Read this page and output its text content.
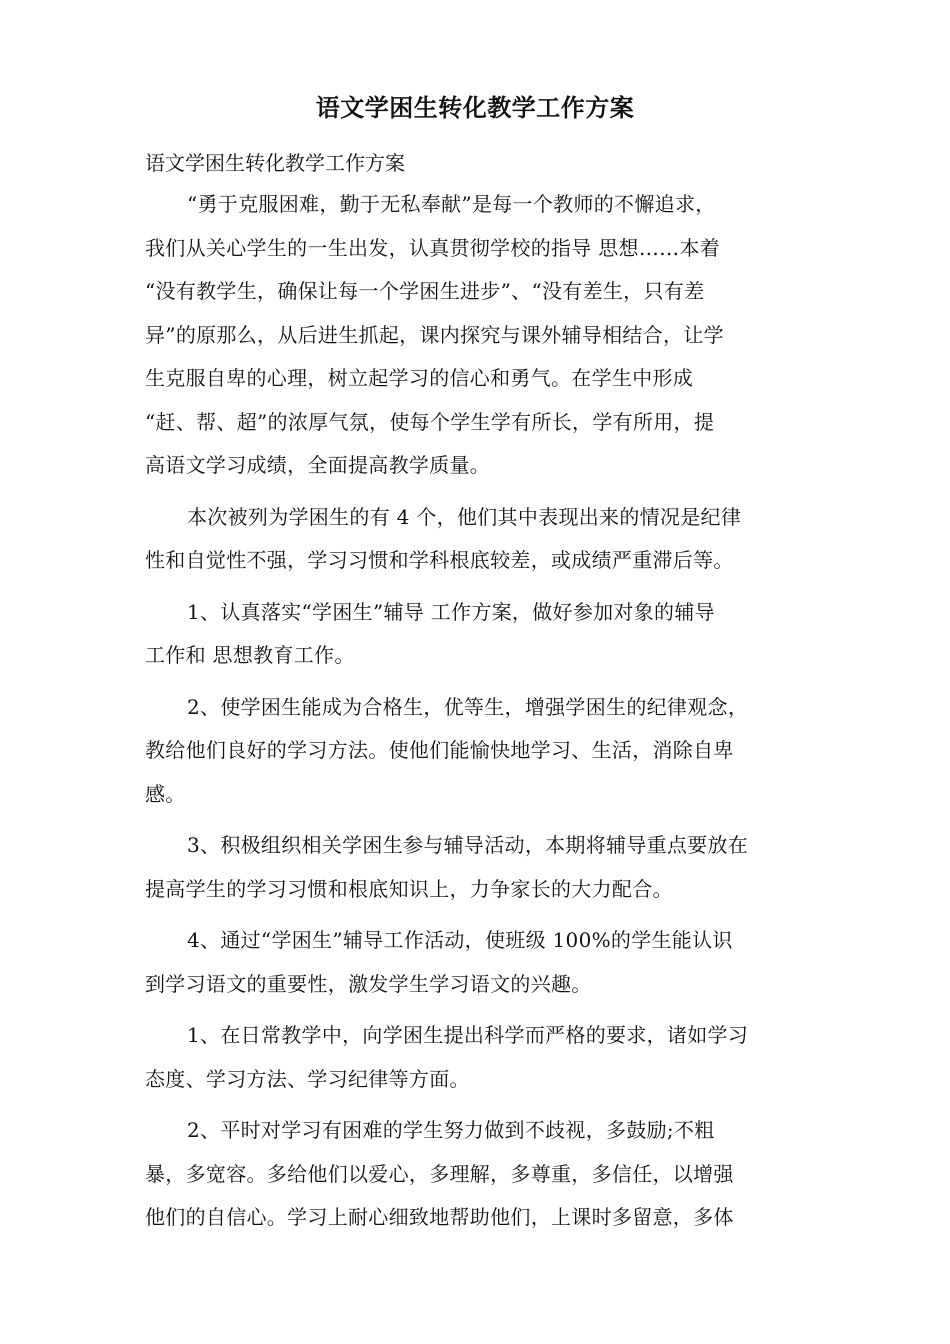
语文学困生转化教学工作方案
语文学困生转化教学工作方案
“勇于克服困难，勤于无私奉献”是每一个教师的不懈追求，
我们从关心学生的一生出发，认真贯彻学校的指导 思想……本着
“没有教学生，确保让每一个学困生进步”、“没有差生，只有差
异”的原那么，从后进生抓起，课内探究与课外辅导相结合，让学
生克服自卑的心理，树立起学习的信心和勇气。在学生中形成
“赶、帮、超”的浓厚气氛，使每个学生学有所长，学有所用，提
高语文学习成绩，全面提高教学质量。
本次被列为学困生的有 4 个，他们其中表现出来的情况是纪律
性和自觉性不强，学习习惯和学科根底较差，或成绩严重滞后等。
1、认真落实“学困生”辅导 工作方案，做好参加对象的辅导
工作和 思想教育工作。
2、使学困生能成为合格生，优等生，增强学困生的纪律观念，
教给他们良好的学习方法。使他们能愉快地学习、生活，消除自卑
感。
3、积极组织相关学困生参与辅导活动，本期将辅导重点要放在
提高学生的学习习惯和根底知识上，力争家长的大力配合。
4、通过“学困生”辅导工作活动，使班级 100%的学生能认识
到学习语文的重要性，激发学生学习语文的兴趣。
1、在日常教学中，向学困生提出科学而严格的要求，诸如学习
态度、学习方法、学习纪律等方面。
2、平时对学习有困难的学生努力做到不歧视，多鼓励;不粗
暴，多宽容。多给他们以爱心，多理解，多尊重，多信任，以增强
他们的自信心。学习上耐心细致地帮助他们，上课时多留意，多体
